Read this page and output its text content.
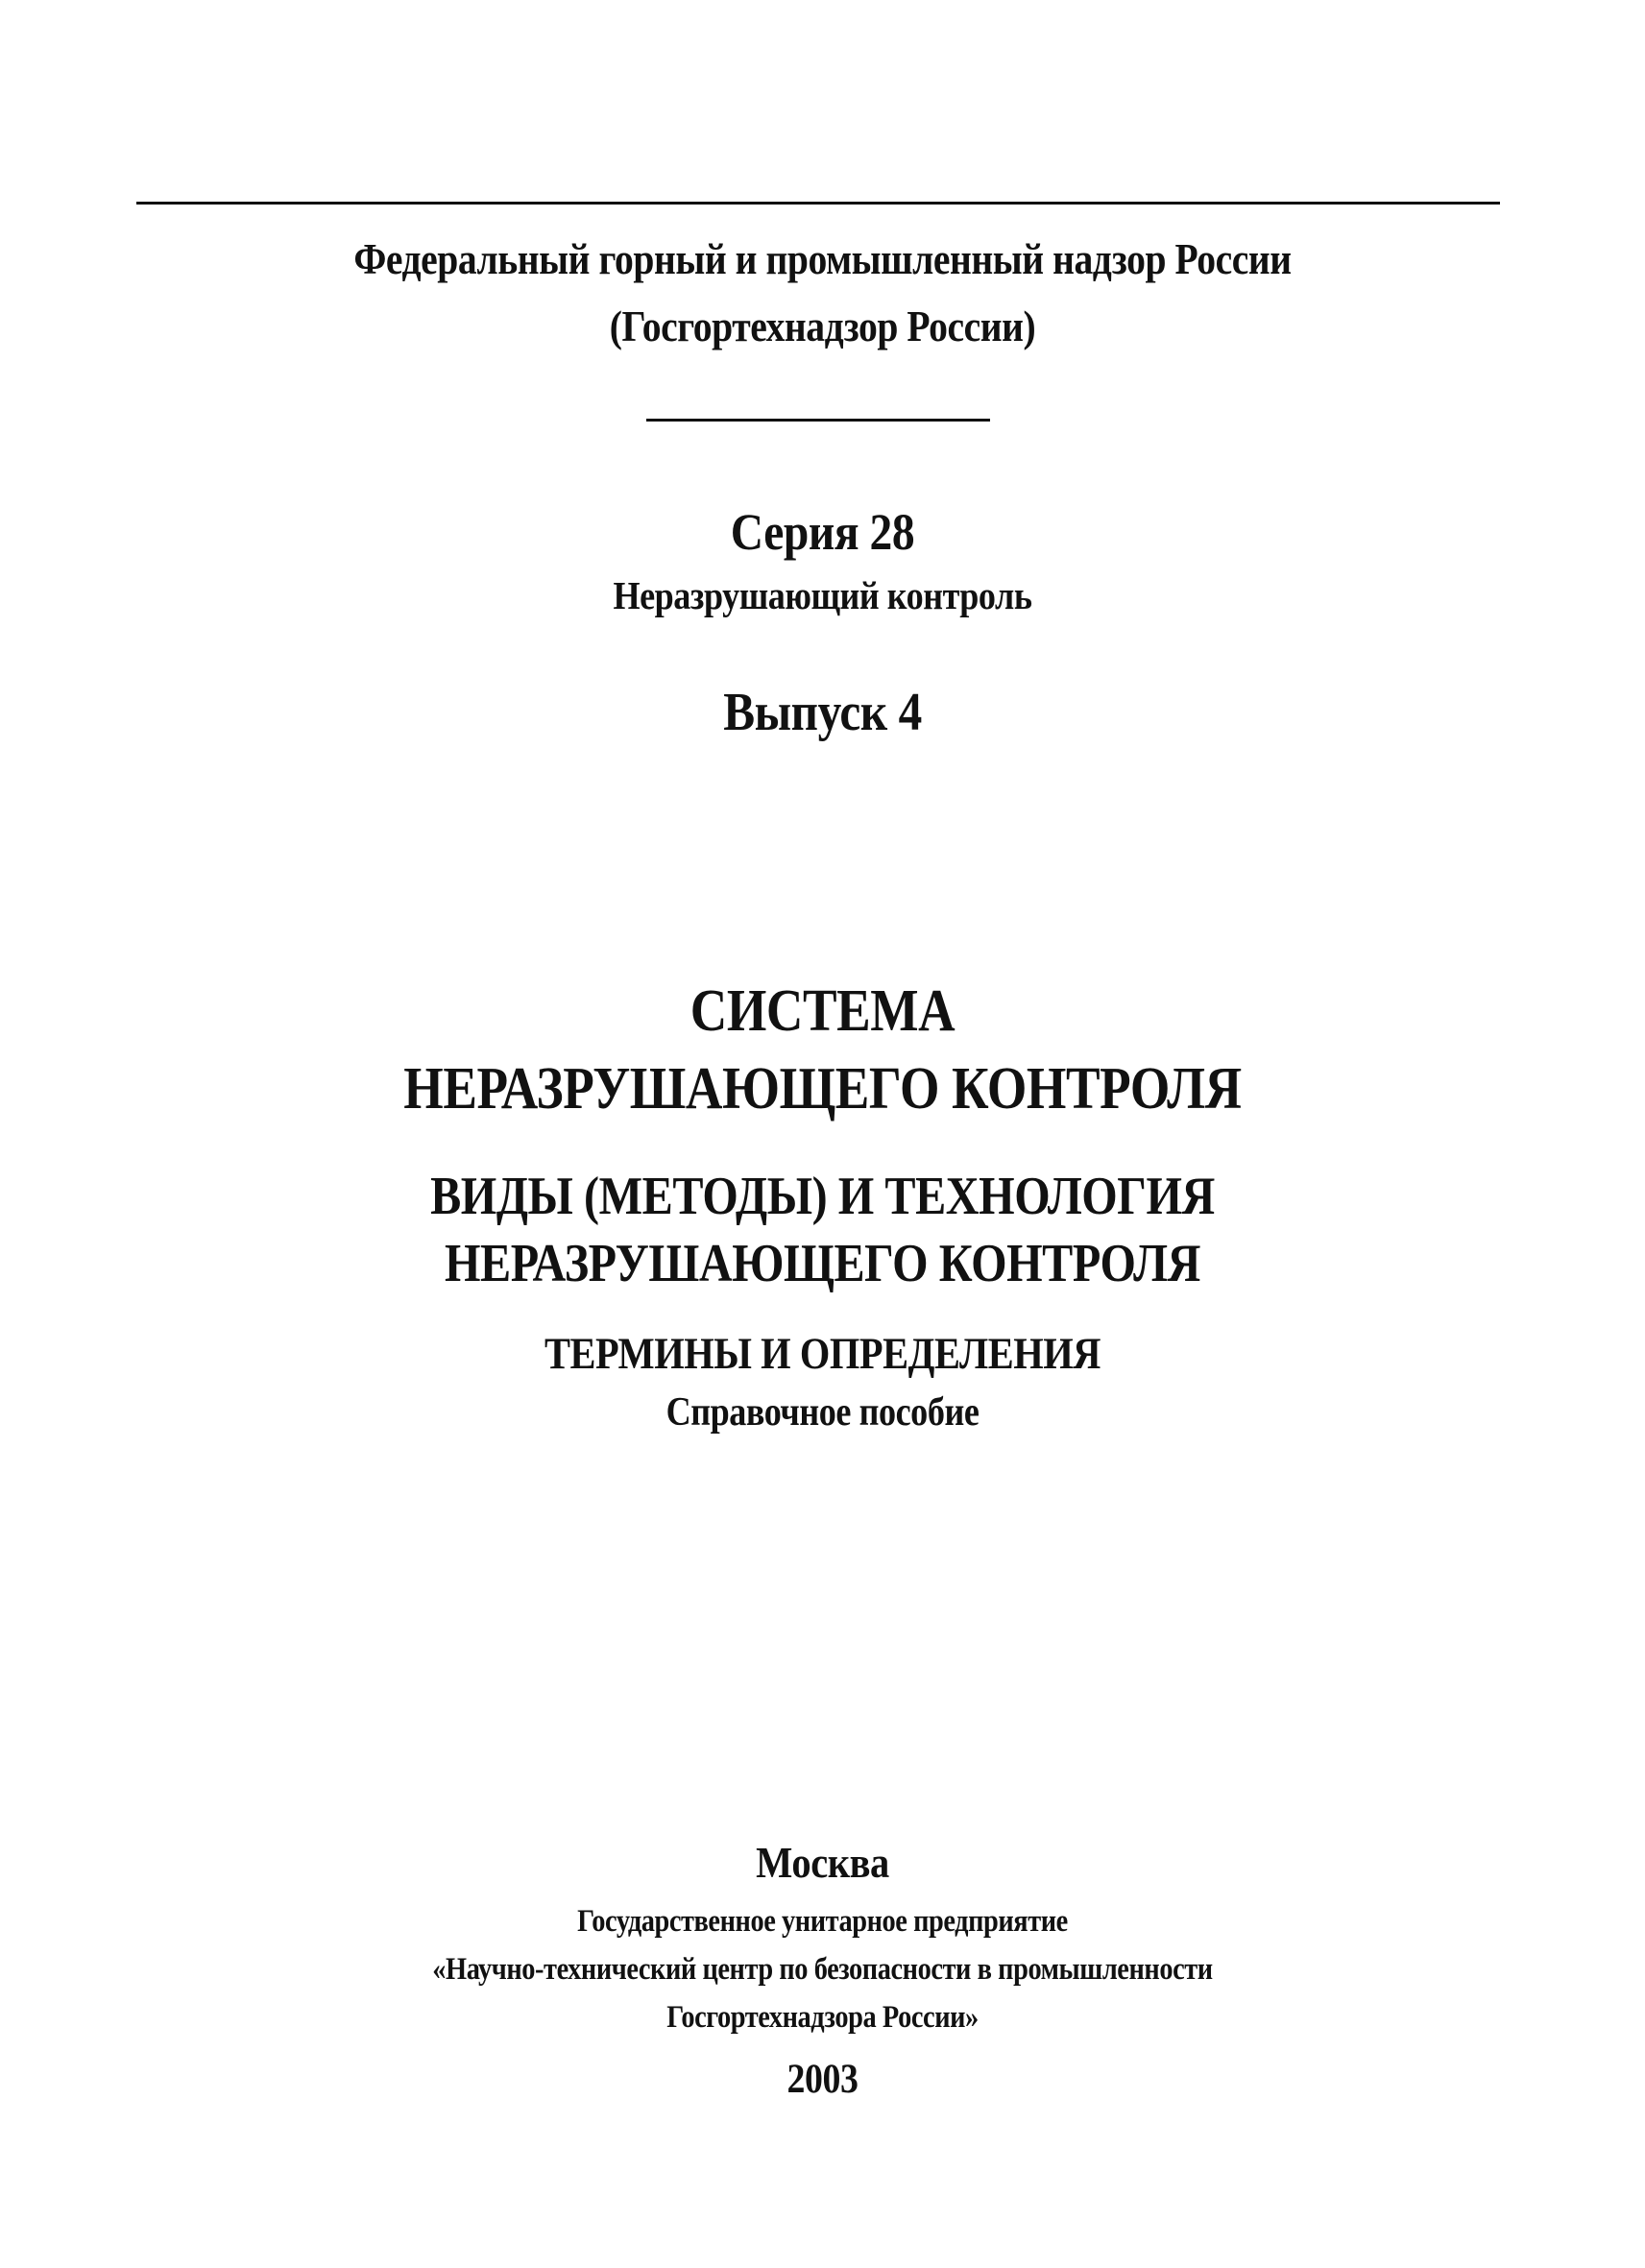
Федеральный горный и промышленный надзор России
(Госгортехнадзор России)
Серия 28
Неразрушающий контроль
Выпуск 4
СИСТЕМА
НЕРАЗРУШАЮЩЕГО КОНТРОЛЯ
ВИДЫ (МЕТОДЫ) И ТЕХНОЛОГИЯ
НЕРАЗРУШАЮЩЕГО КОНТРОЛЯ
ТЕРМИНЫ И ОПРЕДЕЛЕНИЯ
Справочное пособие
Москва
Государственное унитарное предприятие
«Научно-технический центр по безопасности в промышленности
Госгортехнадзора России»
2003
